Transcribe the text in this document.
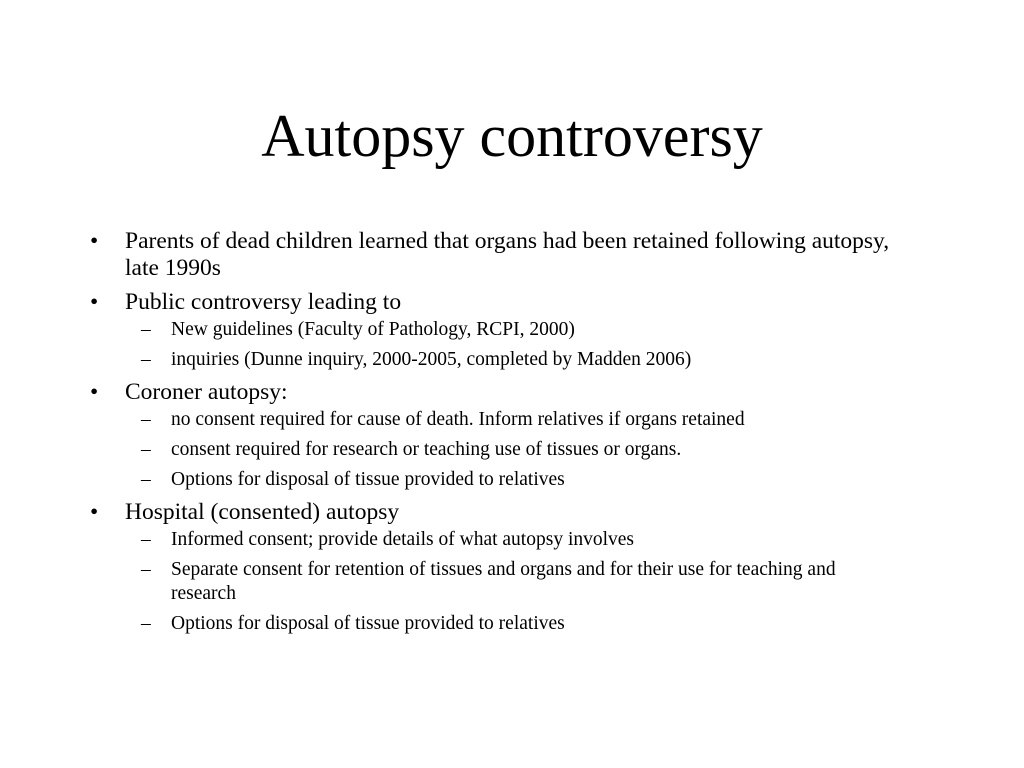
Autopsy controversy
•	Parents of dead children learned that organs had been retained following autopsy, late 1990s
•	Public controversy leading to
–	New guidelines (Faculty of Pathology, RCPI, 2000)
–	inquiries (Dunne inquiry, 2000-2005, completed by Madden 2006)
•	Coroner autopsy:
–	no consent required for cause of death. Inform relatives if organs retained
–	consent required for research or teaching use of tissues or organs.
–	Options for disposal of tissue provided to relatives
•	Hospital (consented) autopsy
–	Informed consent; provide details of what autopsy involves
–	Separate consent for retention of tissues and organs and for their use for teaching and research
–	Options for disposal of tissue provided to relatives
